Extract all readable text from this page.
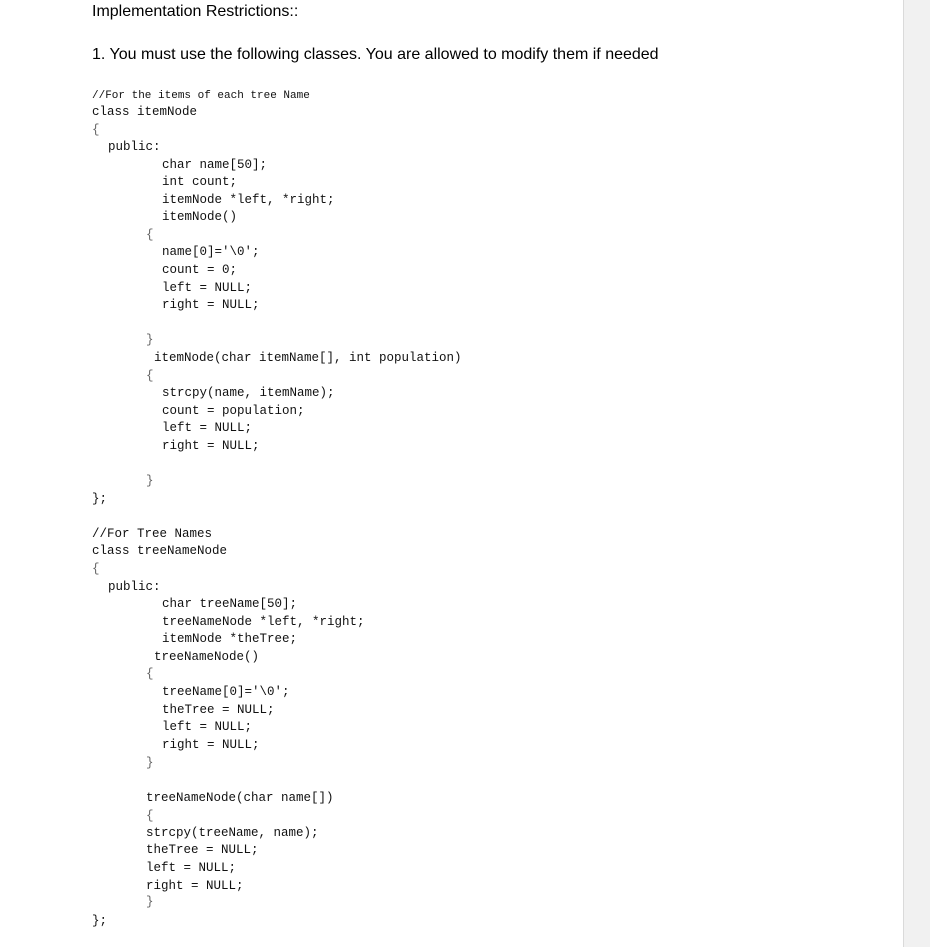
Implementation Restrictions::
1. You must use the following classes. You are allowed to modify them if needed
//For the items of each tree Name
class itemNode
{
public:
char name[50];
int count;
itemNode *left, *right;
itemNode()
{
name[0]='\0';
count = 0;
left = NULL;
right = NULL;
}
itemNode(char itemName[], int population)
{
strcpy(name, itemName);
count = population;
left = NULL;
right = NULL;
}
};
//For Tree Names
class treeNameNode
{
public:
char treeName[50];
treeNameNode *left, *right;
itemNode *theTree;
treeNameNode()
{
treeName[0]='\0';
theTree = NULL;
left = NULL;
right = NULL;
}
treeNameNode(char name[])
{
strcpy(treeName, name);
theTree = NULL;
left = NULL;
right = NULL;
}
};
